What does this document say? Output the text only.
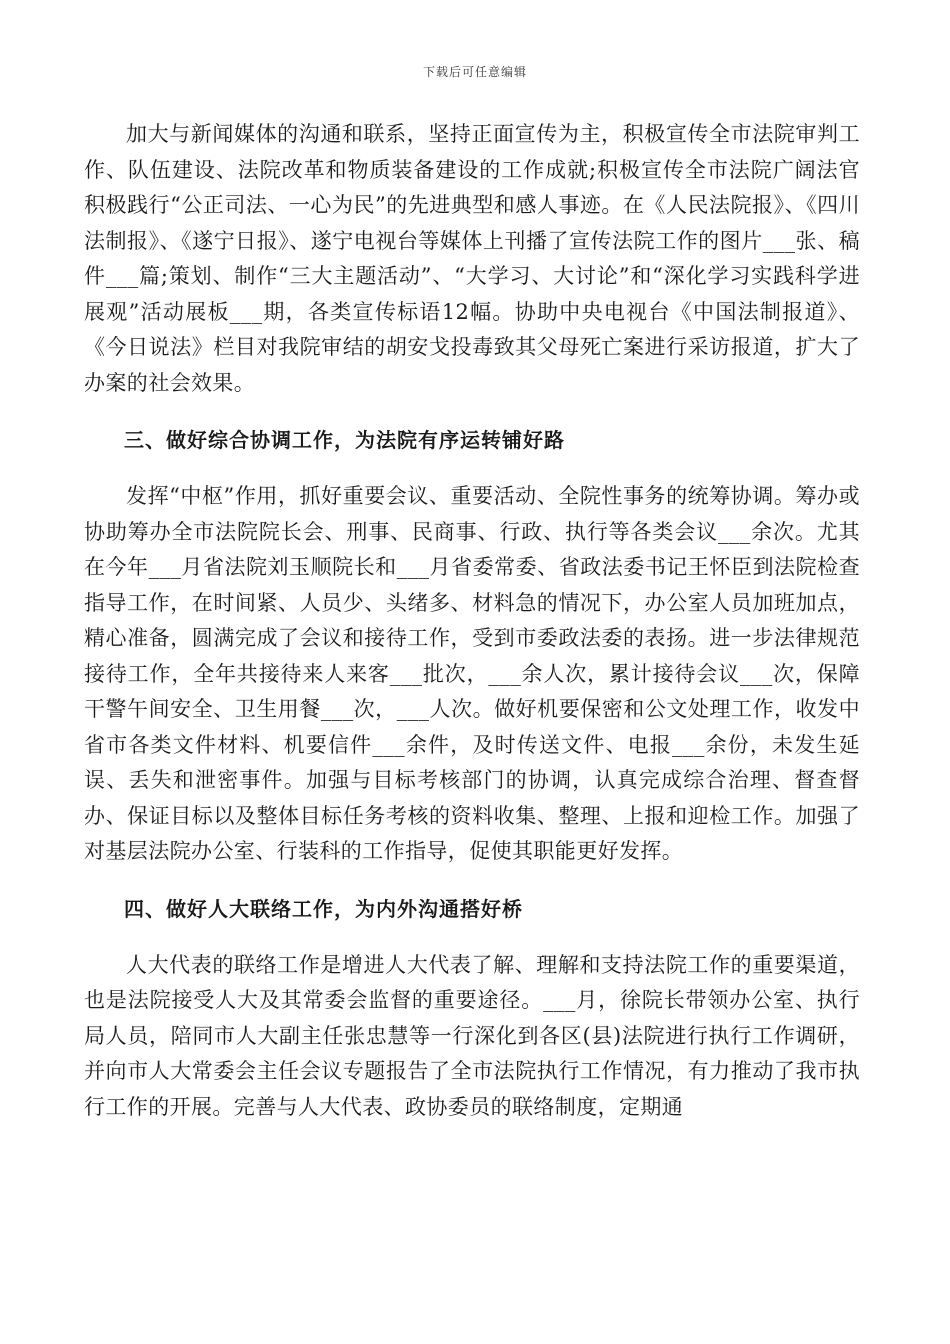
下载后可任意编辑

加大与新闻媒体的沟通和联系，坚持正面宣传为主，积极宣传全市法院审判工作、队伍建设、法院改革和物质装备建设的工作成就;积极宣传全市法院广阔法官积极践行“公正司法、一心为民”的先进典型和感人事迹。在《人民法院报》、《四川法制报》、《遂宁日报》、遂宁电视台等媒体上刊播了宣传法院工作的图片___张、稿件___篇;策划、制作“三大主题活动”、“大学习、大讨论”和“深化学习实践科学进展观”活动展板___期，各类宣传标语12幅。协助中央电视台《中国法制报道》、《今日说法》栏目对我院审结的胡安戈投毒致其父母死亡案进行采访报道，扩大了办案的社会效果。

三、做好综合协调工作，为法院有序运转铺好路

发挥“中枢”作用，抓好重要会议、重要活动、全院性事务的统筹协调。筹办或协助筹办全市法院院长会、刑事、民商事、行政、执行等各类会议___余次。尤其在今年___月省法院刘玉顺院长和___月省委常委、省政法委书记王怀臣到法院检查指导工作，在时间紧、人员少、头绪多、材料急的情况下，办公室人员加班加点，精心准备，圆满完成了会议和接待工作，受到市委政法委的表扬。进一步法律规范接待工作，全年共接待来人来客___批次，___余人次，累计接待会议___次，保障干警午间安全、卫生用餐___次，___人次。做好机要保密和公文处理工作，收发中省市各类文件材料、机要信件___余件，及时传送文件、电报___余份，未发生延误、丢失和泄密事件。加强与目标考核部门的协调，认真完成综合治理、督查督办、保证目标以及整体目标任务考核的资料收集、整理、上报和迎检工作。加强了对基层法院办公室、行装科的工作指导，促使其职能更好发挥。

四、做好人大联络工作，为内外沟通搭好桥

人大代表的联络工作是增进人大代表了解、理解和支持法院工作的重要渠道，也是法院接受人大及其常委会监督的重要途径。___月，徐院长带领办公室、执行局人员，陪同市人大副主任张忠慧等一行深化到各区(县)法院进行执行工作调研，并向市人大常委会主任会议专题报告了全市法院执行工作情况，有力推动了我市执行工作的开展。完善与人大代表、政协委员的联络制度，定期通
